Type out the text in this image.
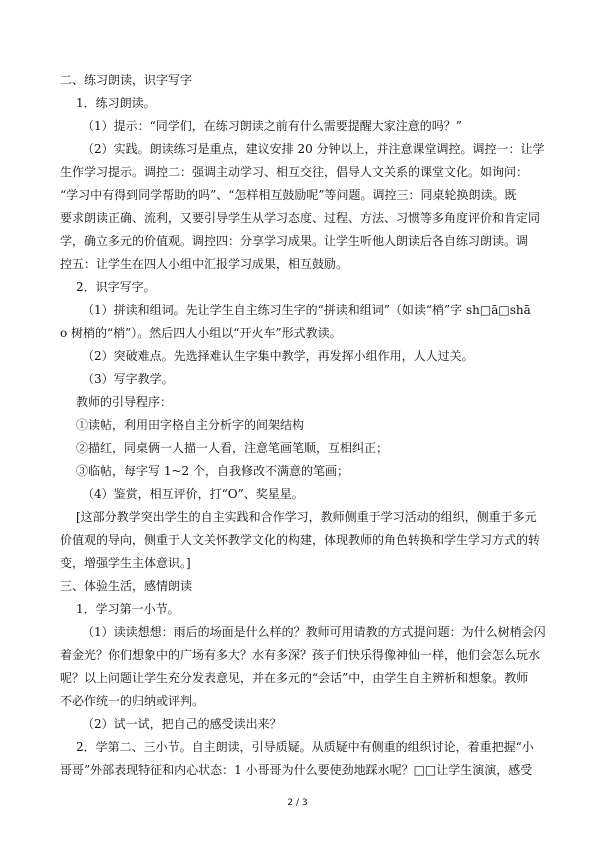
二、练习朗读，识字写字
1．练习朗读。
（1）提示：“同学们，在练习朗读之前有什么需要提醒大家注意的吗？”
（2）实践。朗读练习是重点，建议安排 20 分钟以上，并注意课堂调控。调控一：让学
生作学习提示。调控二：强调主动学习、相互交往，倡导人文关系的课堂文化。如询问：
“学习中有得到同学帮助的吗”、“怎样相互鼓励呢”等问题。调控三：同桌轮换朗读。既
要求朗读正确、流利，又要引导学生从学习态度、过程、方法、习惯等多角度评价和肯定同
学，确立多元的价值观。调控四：分享学习成果。让学生听他人朗读后各自练习朗读。调
控五：让学生在四人小组中汇报学习成果，相互鼓励。
2．识字写字。
（1）拼读和组词。先让学生自主练习生字的“拼读和组词”（如读“梢”字 sh□ā□shā
o 树梢的“梢”）。然后四人小组以“开火车”形式教读。
（2）突破难点。先选择难认生字集中教学，再发挥小组作用，人人过关。
（3）写字教学。
教师的引导程序：
①读帖，利用田字格自主分析字的间架结构
②描红，同桌俩一人描一人看，注意笔画笔顺，互相纠正；
③临帖，每字写 1~2 个，自我修改不满意的笔画；
（4）鉴赏，相互评价，打“O”、奖星星。
[这部分教学突出学生的自主实践和合作学习，教师侧重于学习活动的组织，侧重于多元
价值观的导向，侧重于人文关怀教学文化的构建，体现教师的角色转换和学生学习方式的转
变，增强学生主体意识。]
三、体验生活，感情朗读
1．学习第一小节。
（1）读读想想：雨后的场面是什么样的？教师可用请教的方式提问题：为什么树梢会闪
着金光？你们想象中的广场有多大？水有多深？孩子们快乐得像神仙一样，他们会怎么玩水
呢？以上问题让学生充分发表意见，并在多元的“会话”中，由学生自主辨析和想象。教师
不必作统一的归纳或评判。
（2）试一试，把自己的感受读出来？
2．学第二、三小节。自主朗读，引导质疑。从质疑中有侧重的组织讨论，着重把握“小
哥哥”外部表现特征和内心状态：1 小哥哥为什么要使劲地踩水呢？□□让学生演演，感受
2 / 3
